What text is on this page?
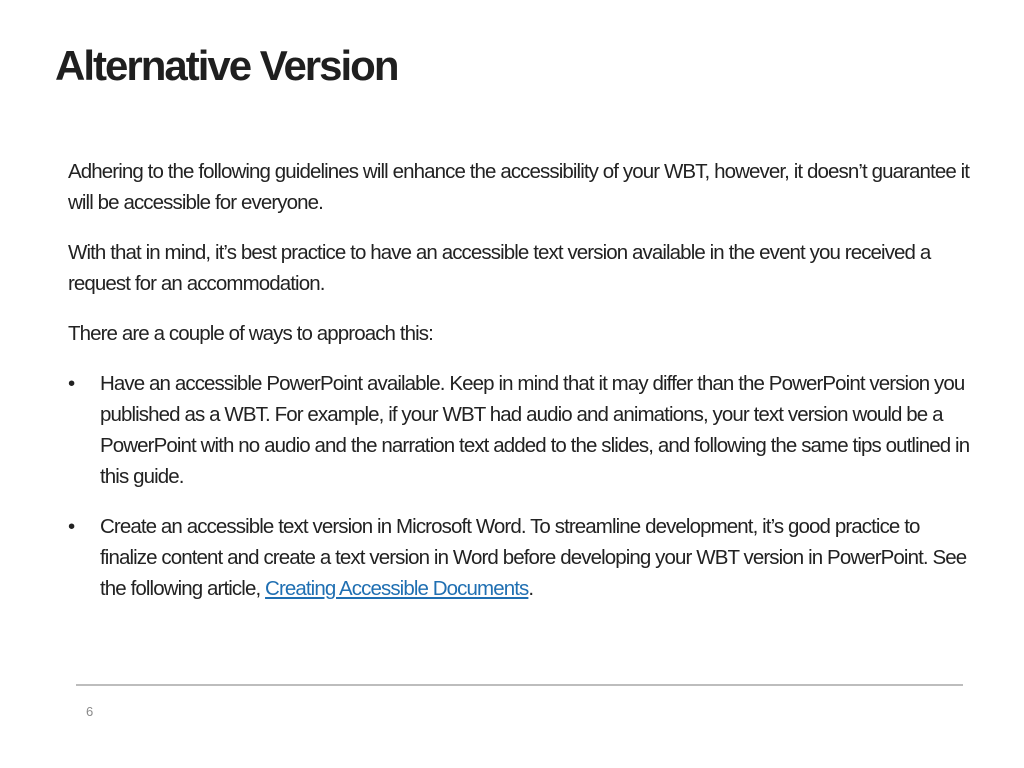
Alternative Version

Adhering to the following guidelines will enhance the accessibility of your WBT, however, it doesn’t guarantee it will be accessible for everyone.

With that in mind, it’s best practice to have an accessible text version available in the event you received a request for an accommodation.

There are a couple of ways to approach this:

• Have an accessible PowerPoint available. Keep in mind that it may differ than the PowerPoint version you published as a WBT. For example, if your WBT had audio and animations, your text version would be a PowerPoint with no audio and the narration text added to the slides, and following the same tips outlined in this guide.
• Create an accessible text version in Microsoft Word. To streamline development, it’s good practice to finalize content and create a text version in Word before developing your WBT version in PowerPoint. See the following article, Creating Accessible Documents.
6
